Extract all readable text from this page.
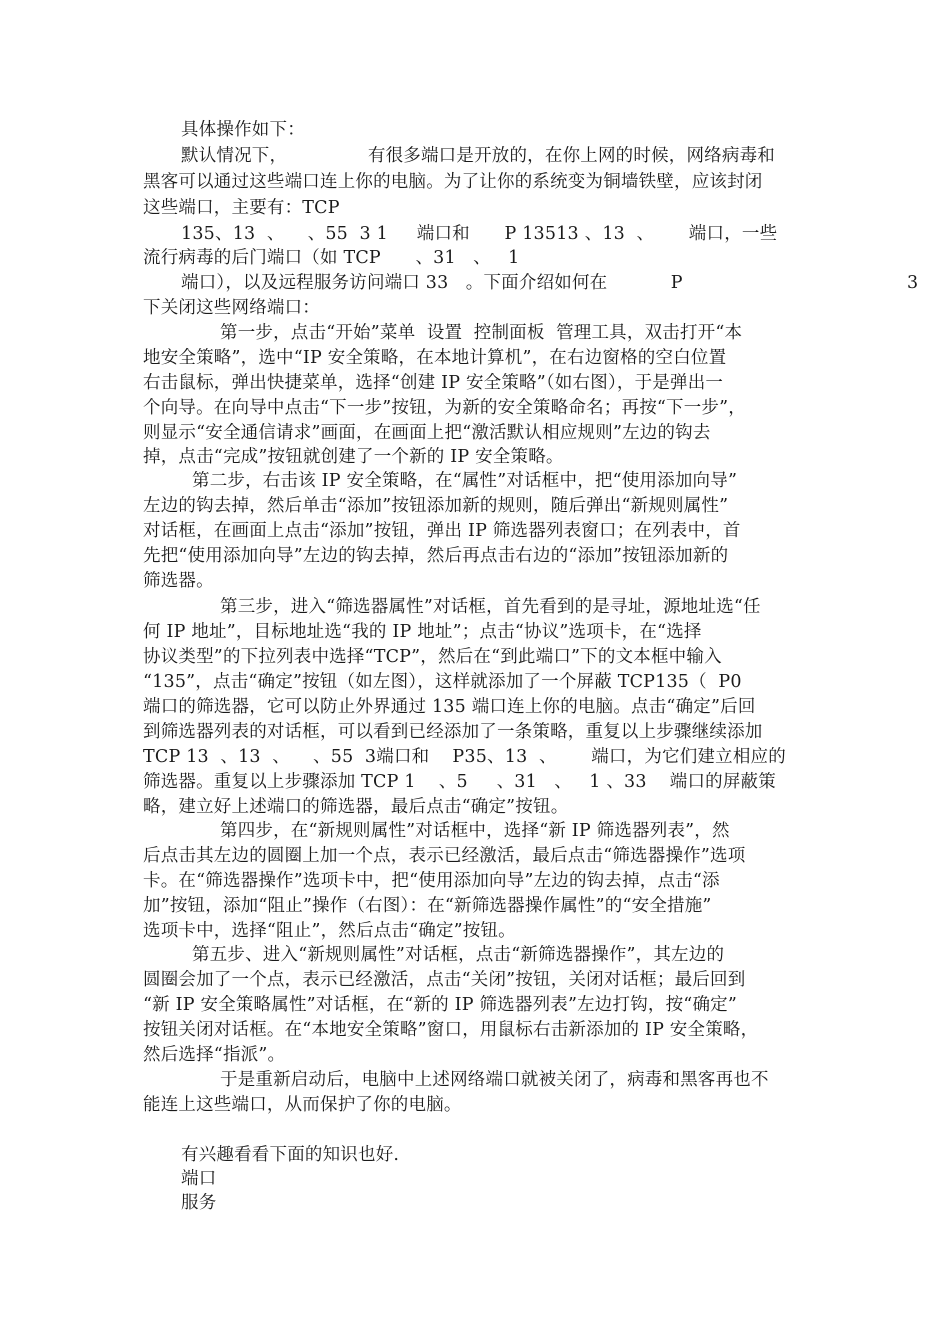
具体操作如下：
默认情况下，              有很多端口是开放的，在你上网的时候，网络病毒和
黑客可以通过这些端口连上你的电脑。为了让你的系统变为铜墙铁壁，应该封闭
这些端口，主要有：TCP
135、13  、    、55  3 1     端口和      P 13513 、13  、      端口，一些
流行病毒的后门端口（如 TCP      、31   、   1
端口），以及远程服务访问端口 33   。下面介绍如何在           P	3
下关闭这些网络端口：
第一步，点击“开始”菜单  设置  控制面板  管理工具，双击打开“本
地安全策略”，选中“IP 安全策略，在本地计算机”，在右边窗格的空白位置
右击鼠标，弹出快捷菜单，选择“创建 IP 安全策略”（如右图），于是弹出一
个向导。在向导中点击“下一步”按钮，为新的安全策略命名；再按“下一步”，
则显示“安全通信请求”画面，在画面上把“激活默认相应规则”左边的钩去
掉，点击“完成”按钮就创建了一个新的 IP 安全策略。
第二步，右击该 IP 安全策略，在“属性”对话框中，把“使用添加向导”
左边的钩去掉，然后单击“添加”按钮添加新的规则，随后弹出“新规则属性”
对话框，在画面上点击“添加”按钮，弹出 IP 筛选器列表窗口；在列表中，首
先把“使用添加向导”左边的钩去掉，然后再点击右边的“添加”按钮添加新的
筛选器。
第三步，进入“筛选器属性”对话框，首先看到的是寻址，源地址选“任
何 IP 地址”，目标地址选“我的 IP 地址”；点击“协议”选项卡，在“选择
协议类型”的下拉列表中选择“TCP”，然后在“到此端口”下的文本框中输入
“135”，点击“确定”按钮（如左图），这样就添加了一个屏蔽 TCP135（  P0
端口的筛选器，它可以防止外界通过 135 端口连上你的电脑。点击“确定”后回
到筛选器列表的对话框，可以看到已经添加了一条策略，重复以上步骤继续添加
TCP 13  、13  、    、55  3端口和    P35、13  、      端口，为它们建立相应的
筛选器。重复以上步骤添加 TCP 1    、5     、31   、   1 、33    端口的屏蔽策
略，建立好上述端口的筛选器，最后点击“确定”按钮。
第四步，在“新规则属性”对话框中，选择“新 IP 筛选器列表”，然
后点击其左边的圆圈上加一个点，表示已经激活，最后点击“筛选器操作”选项
卡。在“筛选器操作”选项卡中，把“使用添加向导”左边的钩去掉，点击“添
加”按钮，添加“阻止”操作（右图）：在“新筛选器操作属性”的“安全措施”
选项卡中，选择“阻止”，然后点击“确定”按钮。
第五步、进入“新规则属性”对话框，点击“新筛选器操作”，其左边的
圆圈会加了一个点，表示已经激活，点击“关闭”按钮，关闭对话框；最后回到
“新 IP 安全策略属性”对话框，在“新的 IP 筛选器列表”左边打钩，按“确定”
按钮关闭对话框。在“本地安全策略”窗口，用鼠标右击新添加的 IP 安全策略，
然后选择“指派”。
于是重新启动后，电脑中上述网络端口就被关闭了，病毒和黑客再也不
能连上这些端口，从而保护了你的电脑。
有兴趣看看下面的知识也好.
端口
服务
